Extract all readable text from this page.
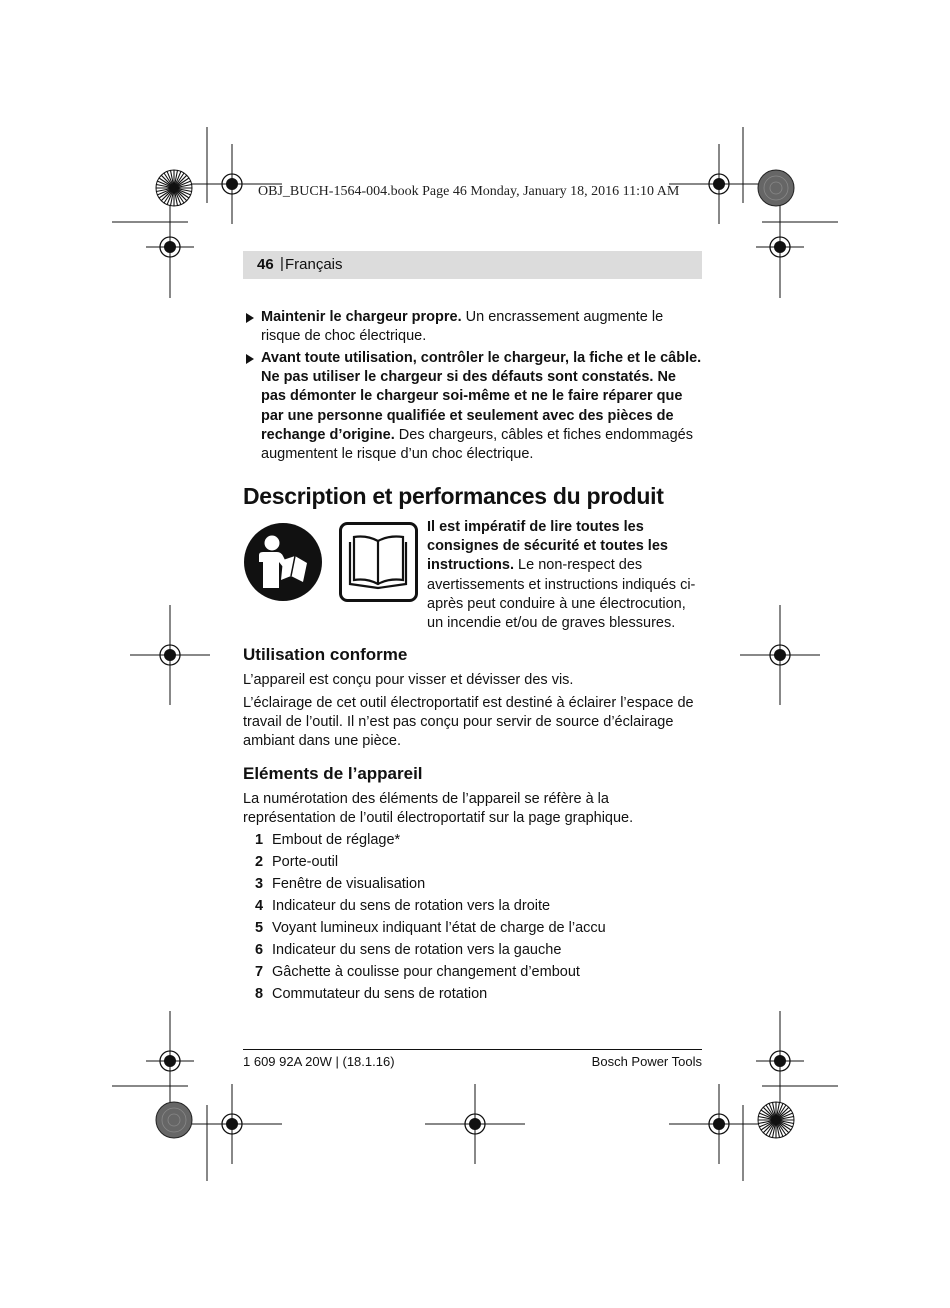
OBJ_BUCH-1564-004.book Page 46 Monday, January 18, 2016 11:10 AM
46 | Français
Maintenir le chargeur propre. Un encrassement augmente le risque de choc électrique.
Avant toute utilisation, contrôler le chargeur, la fiche et le câble. Ne pas utiliser le chargeur si des défauts sont constatés. Ne pas démonter le chargeur soi-même et ne le faire réparer que par une personne qualifiée et seulement avec des pièces de rechange d’origine. Des chargeurs, câbles et fiches endommagés augmentent le risque d’un choc électrique.
Description et performances du produit
Il est impératif de lire toutes les consignes de sécurité et toutes les instructions. Le non-respect des avertissements et instructions indiqués ci-après peut conduire à une électrocution, un incendie et/ou de graves blessures.
Utilisation conforme
L’appareil est conçu pour visser et dévisser des vis.
L’éclairage de cet outil électroportatif est destiné à éclairer l’espace de travail de l’outil. Il n’est pas conçu pour servir de source d’éclairage ambiant dans une pièce.
Eléments de l’appareil
La numérotation des éléments de l’appareil se réfère à la représentation de l’outil électroportatif sur la page graphique.
1 Embout de réglage*
2 Porte-outil
3 Fenêtre de visualisation
4 Indicateur du sens de rotation vers la droite
5 Voyant lumineux indiquant l’état de charge de l’accu
6 Indicateur du sens de rotation vers la gauche
7 Gâchette à coulisse pour changement d’embout
8 Commutateur du sens de rotation
1 609 92A 20W | (18.1.16)	Bosch Power Tools
